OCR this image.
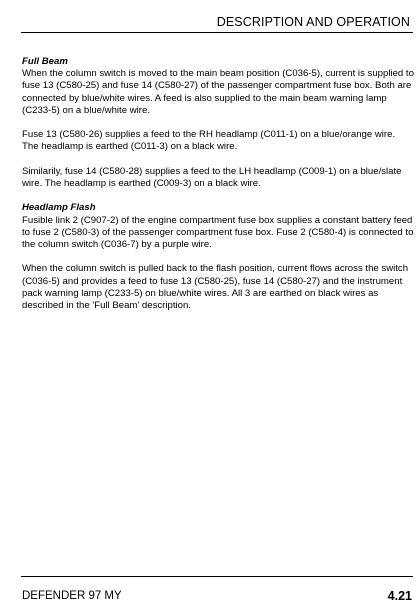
DESCRIPTION AND OPERATION
Full Beam

When the column switch is moved to the main beam position (C036-5), current is supplied to fuse 13 (C580-25) and fuse 14 (C580-27) of the passenger compartment fuse box. Both are connected by blue/white wires. A feed is also supplied to the main beam warning lamp (C233-5) on a blue/white wire.

Fuse 13 (C580-26) supplies a feed to the RH headlamp (C011-1) on a blue/orange wire. The headlamp is earthed (C011-3) on a black wire.

Similarily, fuse 14 (C580-28) supplies a feed to the LH headlamp (C009-1) on a blue/slate wire. The headlamp is earthed (C009-3) on a black wire.

Headlamp Flash

Fusible link 2 (C907-2) of the engine compartment fuse box supplies a constant battery feed to fuse 2 (C580-3) of the passenger compartment fuse box. Fuse 2 (C580-4) is connected to the column switch (C036-7) by a purple wire.

When the column switch is pulled back to the flash position, current flows across the switch (C036-5) and provides a feed to fuse 13 (C580-25), fuse 14 (C580-27) and the instrument pack warning lamp (C233-5) on blue/white wires. All 3 are earthed on black wires as described in the 'Full Beam' description.

DEFENDER 97 MY	4.21
